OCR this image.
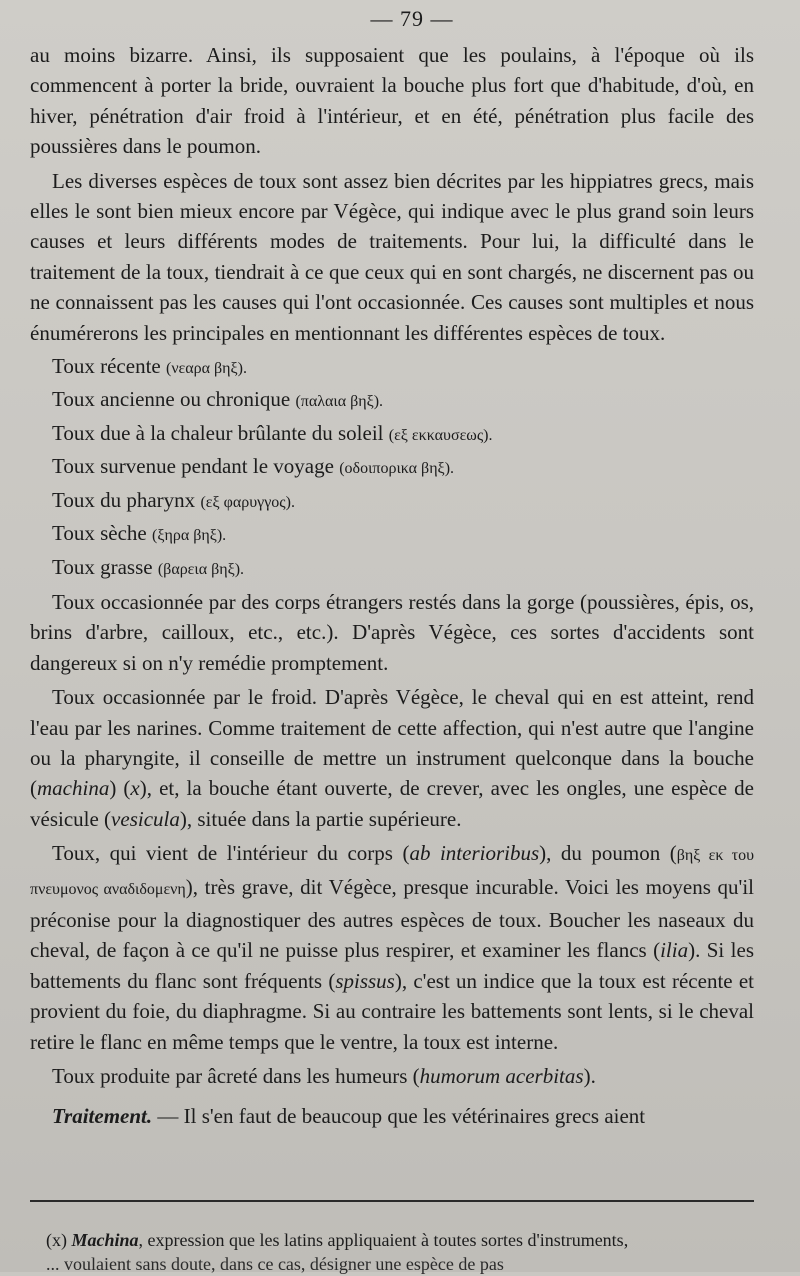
— 79 —

au moins bizarre. Ainsi, ils supposaient que les poulains, à l'époque où ils commencent à porter la bride, ouvraient la bouche plus fort que d'habitude, d'où, en hiver, pénétration d'air froid à l'intérieur, et en été, pénétration plus facile des poussières dans le poumon.

Les diverses espèces de toux sont assez bien décrites par les hippiatres grecs, mais elles le sont bien mieux encore par Végèce, qui indique avec le plus grand soin leurs causes et leurs différents modes de traitements. Pour lui, la difficulté dans le traitement de la toux, tiendrait à ce que ceux qui en sont chargés, ne discernent pas ou ne connaissent pas les causes qui l'ont occasionnée. Ces causes sont multiples et nous énumérerons les principales en mentionnant les différentes espèces de toux.

Toux récente (νεαρα βηξ).
Toux ancienne ou chronique (παλαια βηξ).
Toux due à la chaleur brûlante du soleil (εξ εκκαυσεως).
Toux survenue pendant le voyage (οδοιπορικα βηξ).
Toux du pharynx (εξ φαρυγγος).
Toux sèche (ξηρα βηξ).
Toux grasse (βαρεια βηξ).

Toux occasionnée par des corps étrangers restés dans la gorge (poussières, épis, os, brins d'arbre, cailloux, etc., etc.). D'après Végèce, ces sortes d'accidents sont dangereux si on n'y remédie promptement.

Toux occasionnée par le froid. D'après Végèce, le cheval qui en est atteint, rend l'eau par les narines. Comme traitement de cette affection, qui n'est autre que l'angine ou la pharyngite, il conseille de mettre un instrument quelconque dans la bouche (machina) (x), et, la bouche étant ouverte, de crever, avec les ongles, une espèce de vésicule (vesicula), située dans la partie supérieure.

Toux, qui vient de l'intérieur du corps (ab interioribus), du poumon (βηξ εκ του πνευμονος αναδιδομενη), très grave, dit Végèce, presque incurable. Voici les moyens qu'il préconise pour la diagnostiquer des autres espèces de toux. Boucher les naseaux du cheval, de façon à ce qu'il ne puisse plus respirer, et examiner les flancs (ilia). Si les battements du flanc sont fréquents (spissus), c'est un indice que la toux est récente et provient du foie, du diaphragme. Si au contraire les battements sont lents, si le cheval retire le flanc en même temps que le ventre, la toux est interne.

Toux produite par âcreté dans les humeurs (humorum acerbitas).

Traitement. — Il s'en faut de beaucoup que les vétérinaires grecs aient

(x) Machina, expression que les latins appliquaient à toutes sortes d'instruments,
... voulaient sans doute, dans ce cas, désigner une espèce de pas
